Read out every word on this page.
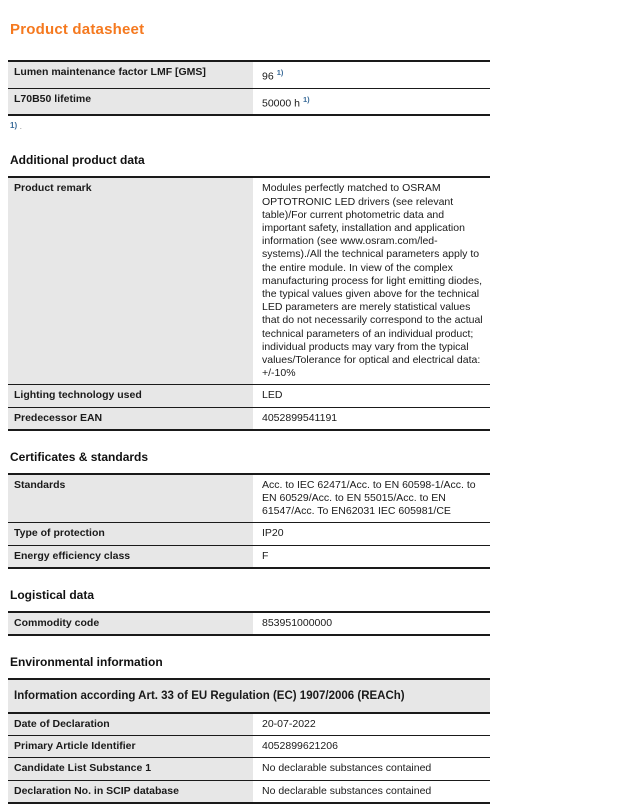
Product datasheet
Lumen maintenance factor LMF [GMS]	96 $^{1)}$
L70B50 lifetime	50000 h $^{1)}$
$^{1)}$ .
Additional product data
Product remark	Modules perfectly matched to OSRAM OPTOTRONIC LED drivers (see relevant table)/For current photometric data and important safety, installation and application information (see www.osram.com/led-systems)./All the technical parameters apply to the entire module. In view of the complex manufacturing process for light emitting diodes, the typical values given above for the technical LED parameters are merely statistical values that do not necessarily correspond to the actual technical parameters of an individual product; individual products may vary from the typical values/Tolerance for optical and electrical data: +/-10%
Lighting technology used	LED
Predecessor EAN	4052899541191
Certificates & standards
Standards	Acc. to IEC 62471/Acc. to EN 60598-1/Acc. to EN 60529/Acc. to EN 55015/Acc. to EN 61547/Acc. To EN62031 IEC 605981/CE
Type of protection	IP20
Energy efficiency class	F
Logistical data
Commodity code	853951000000
Environmental information
Information according Art. 33 of EU Regulation (EC) 1907/2006 (REACh)
Date of Declaration	20-07-2022
Primary Article Identifier	4052899621206
Candidate List Substance 1	No declarable substances contained
Declaration No. in SCIP database	No declarable substances contained
